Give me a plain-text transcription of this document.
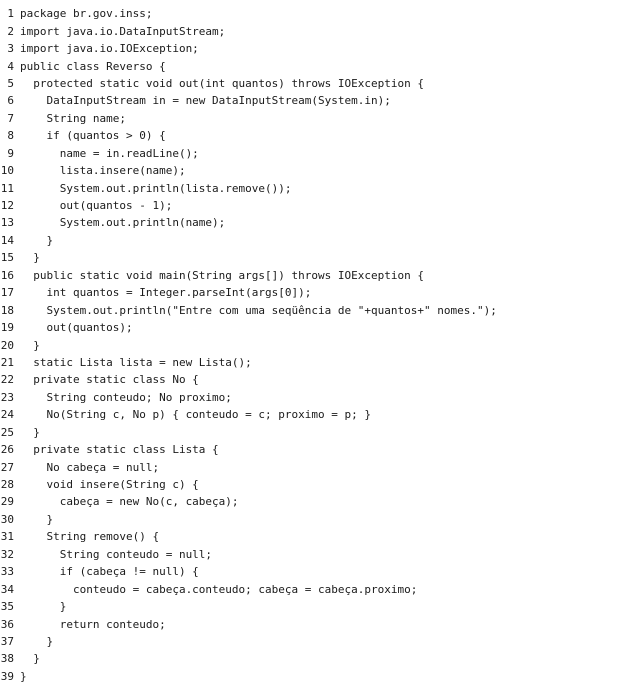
1 package br.gov.inss;
2 import java.io.DataInputStream;
3 import java.io.IOException;
4 public class Reverso {
5 protected static void out(int quantos) throws IOException {
6 DataInputStream in = new DataInputStream(System.in);
7 String name;
8 if (quantos > 0) {
9 name = in.readLine();
10 lista.insere(name);
11 System.out.println(lista.remove());
12 out(quantos - 1);
13 System.out.println(name);
14 }
15 }
16 public static void main(String args[]) throws IOException {
17 int quantos = Integer.parseInt(args[0]);
18 System.out.println("Entre com uma seqüência de "+quantos+" nomes.");
19 out(quantos);
20 }
21 static Lista lista = new Lista();
22 private static class No {
23 String conteudo; No proximo;
24 No(String c, No p) { conteudo = c; proximo = p; }
25 }
26 private static class Lista {
27 No cabeça = null;
28 void insere(String c) {
29 cabeça = new No(c, cabeça);
30 }
31 String remove() {
32 String conteudo = null;
33 if (cabeça != null) {
34 conteudo = cabeça.conteudo; cabeça = cabeça.proximo;
35 }
36 return conteudo;
37 }
38 }
39 }
